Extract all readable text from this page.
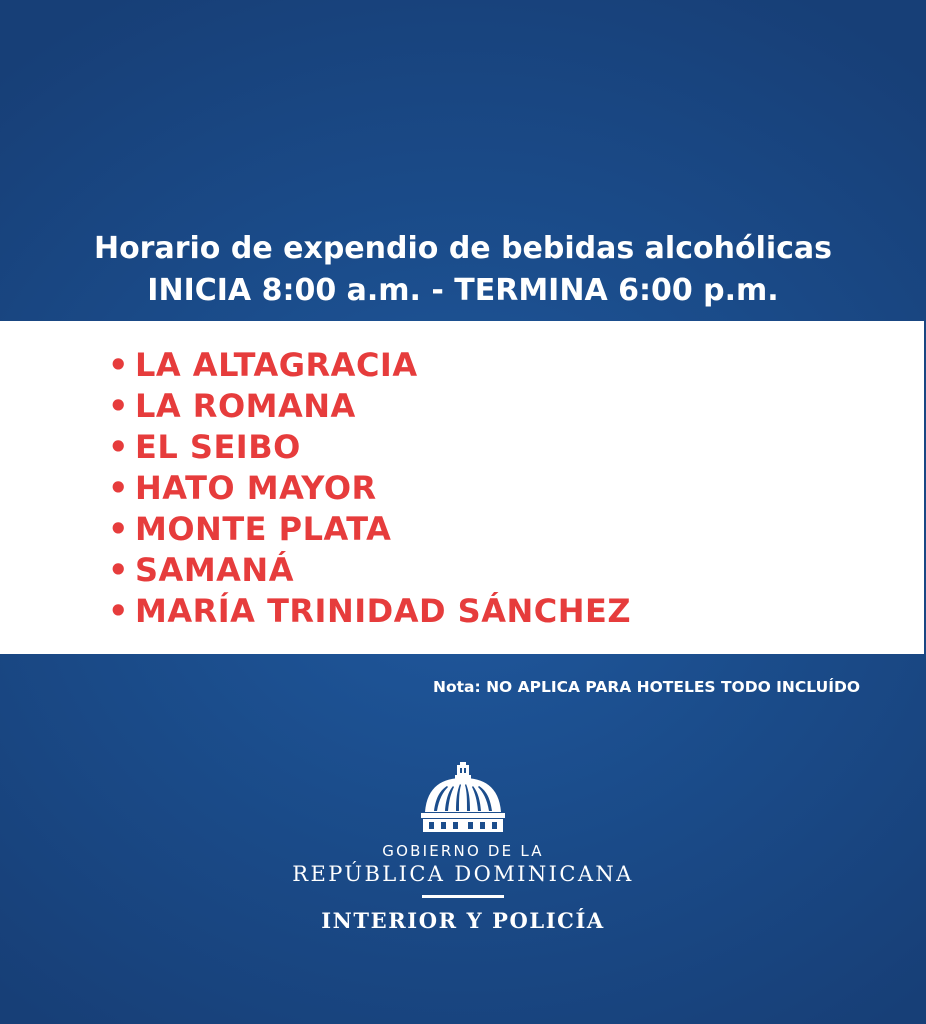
Horario de expendio de bebidas alcohólicas
INICIA 8:00 a.m. - TERMINA 6:00 p.m.
• LA ALTAGRACIA
• LA ROMANA
• EL SEIBO
• HATO MAYOR
• MONTE PLATA
• SAMANÁ
• MARÍA TRINIDAD SÁNCHEZ
Nota: NO APLICA PARA HOTELES TODO INCLUÍDO
GOBIERNO DE LA
REPÚBLICA DOMINICANA
INTERIOR Y POLICÍA
